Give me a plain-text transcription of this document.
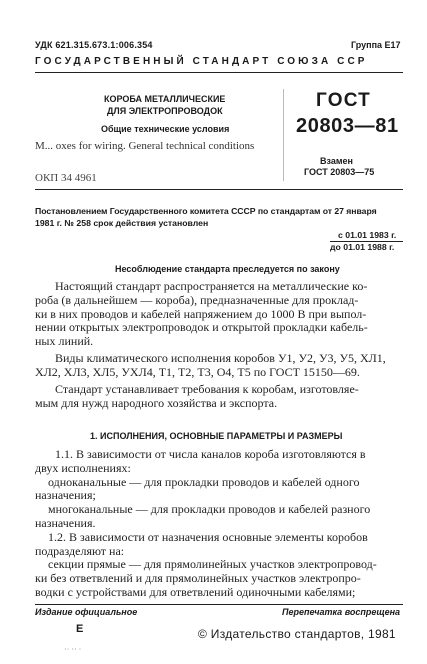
УДК 621.315.673.1:006.354	Группа Е17
ГОСУДАРСТВЕННЫЙ СТАНДАРТ СОЮЗА ССР
КОРОБА МЕТАЛЛИЧЕСКИЕ
ДЛЯ ЭЛЕКТРОПРОВОДОК
Общие технические условия
M... oxes for wiring. General technical conditions
ГОСТ
20803—81
Взамен
ГОСТ 20803—75
ОКП 34 4961
Постановлением Государственного комитета СССР по стандартам от 27 января
1981 г. № 258 срок действия установлен
с 01.01 1983 г.
до 01.01 1988 г.
Несоблюдение стандарта преследуется по закону
Настоящий стандарт распространяется на металлические ко-
роба (в дальнейшем — короба), предназначенные для проклад-
ки в них проводов и кабелей напряжением до 1000 В при выпол-
нении открытых электропроводок и открытой прокладки кабель-
ных линий.
Виды климатического исполнения коробов У1, У2, У3, У5, ХЛ1,
ХЛ2, ХЛ3, ХЛ5, УХЛ4, Т1, Т2, Т3, О4, Т5 по ГОСТ 15150—69.
Стандарт устанавливает требования к коробам, изготовляе-
мым для нужд народного хозяйства и экспорта.
1. ИСПОЛНЕНИЯ, ОСНОВНЫЕ ПАРАМЕТРЫ И РАЗМЕРЫ
1.1. В зависимости от числа каналов короба изготовляются в
двух исполнениях:
одноканальные — для прокладки проводов и кабелей одного
назначения;
многоканальные — для прокладки проводов и кабелей разного
назначения.
1.2. В зависимости от назначения основные элементы коробов
подразделяют на:
секции прямые — для прямолинейных участков электропровод-
ки без ответвлений и для прямолинейных участков электропро-
водки с устройствами для ответвлений одиночными кабелями;
Издание официальное	Перепечатка воспрещена
Е	© Издательство стандартов, 1981
·· ·· ·
